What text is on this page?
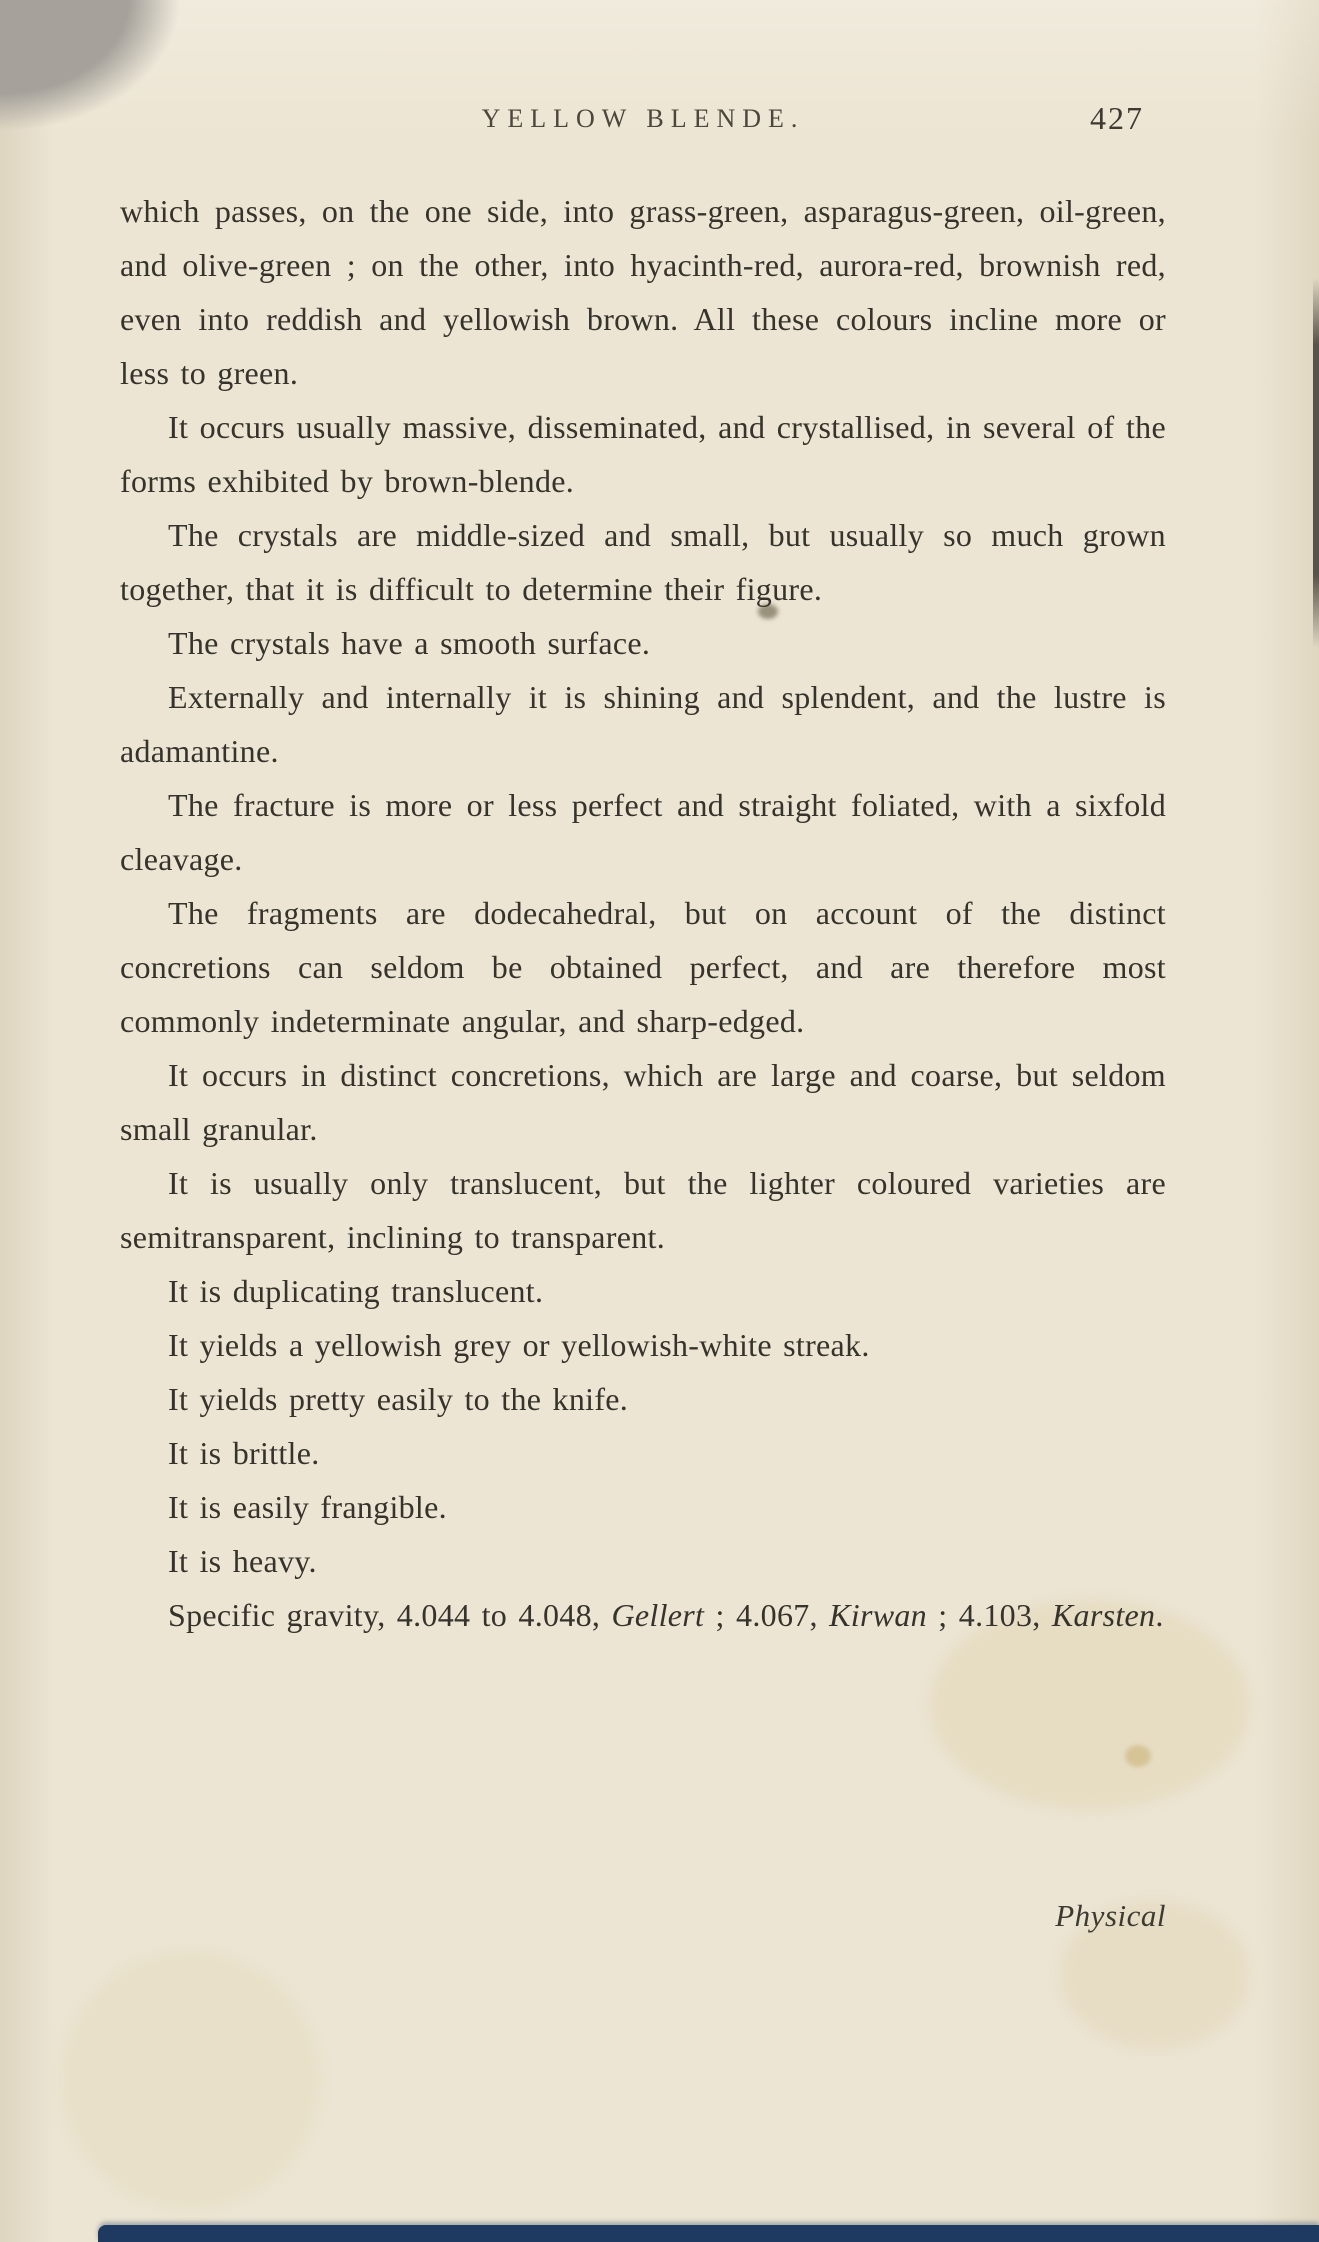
YELLOW BLENDE.	427

which passes, on the one side, into grass-green, asparagus-green, oil-green, and olive-green ; on the other, into hyacinth-red, aurora-red, brownish red, even into reddish and yellowish brown. All these colours incline more or less to green.

It occurs usually massive, disseminated, and crystallised, in several of the forms exhibited by brown-blende.

The crystals are middle-sized and small, but usually so much grown together, that it is difficult to determine their figure.

The crystals have a smooth surface.

Externally and internally it is shining and splendent, and the lustre is adamantine.

The fracture is more or less perfect and straight foliated, with a sixfold cleavage.

The fragments are dodecahedral, but on account of the distinct concretions can seldom be obtained perfect, and are therefore most commonly indeterminate angular, and sharp-edged.

It occurs in distinct concretions, which are large and coarse, but seldom small granular.

It is usually only translucent, but the lighter coloured varieties are semitransparent, inclining to transparent.

It is duplicating translucent.

It yields a yellowish grey or yellowish-white streak.

It yields pretty easily to the knife.

It is brittle.

It is easily frangible.

It is heavy.

Specific gravity, 4.044 to 4.048, Gellert ; 4.067, Kirwan ; 4.103, Karsten.

Physical
